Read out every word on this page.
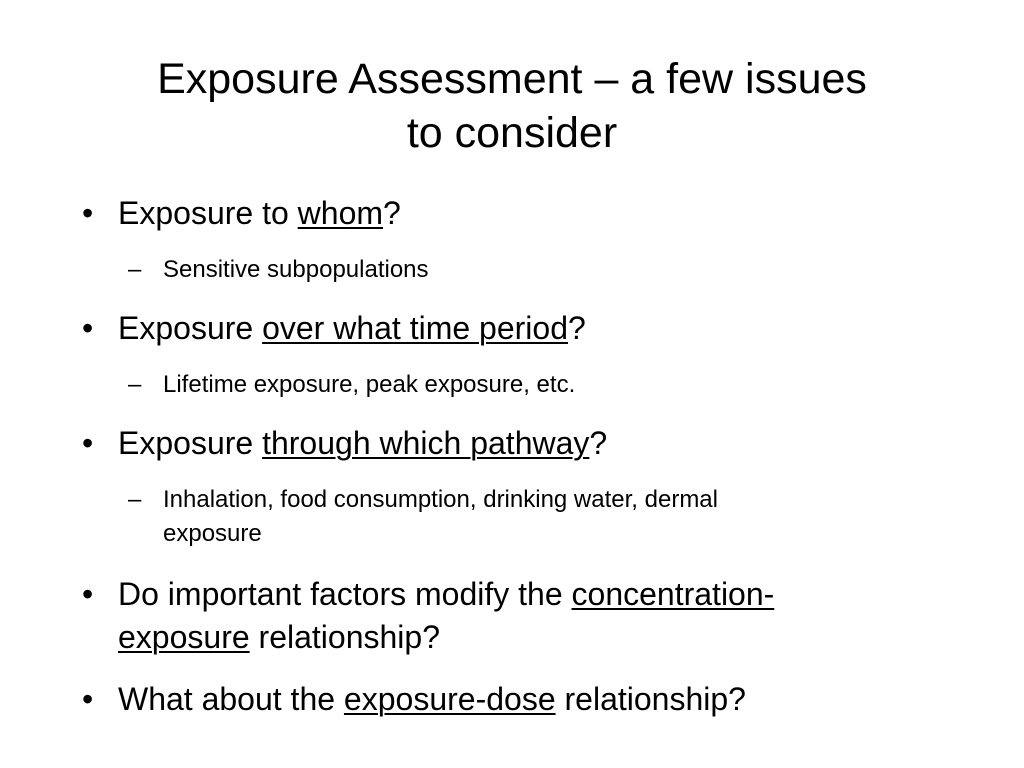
Exposure Assessment – a few issues
to consider
• Exposure to whom?
– Sensitive subpopulations
• Exposure over what time period?
– Lifetime exposure, peak exposure, etc.
• Exposure through which pathway?
– Inhalation, food consumption, drinking water, dermal
exposure
• Do important factors modify the concentration-
exposure relationship?
• What about the exposure-dose relationship?
